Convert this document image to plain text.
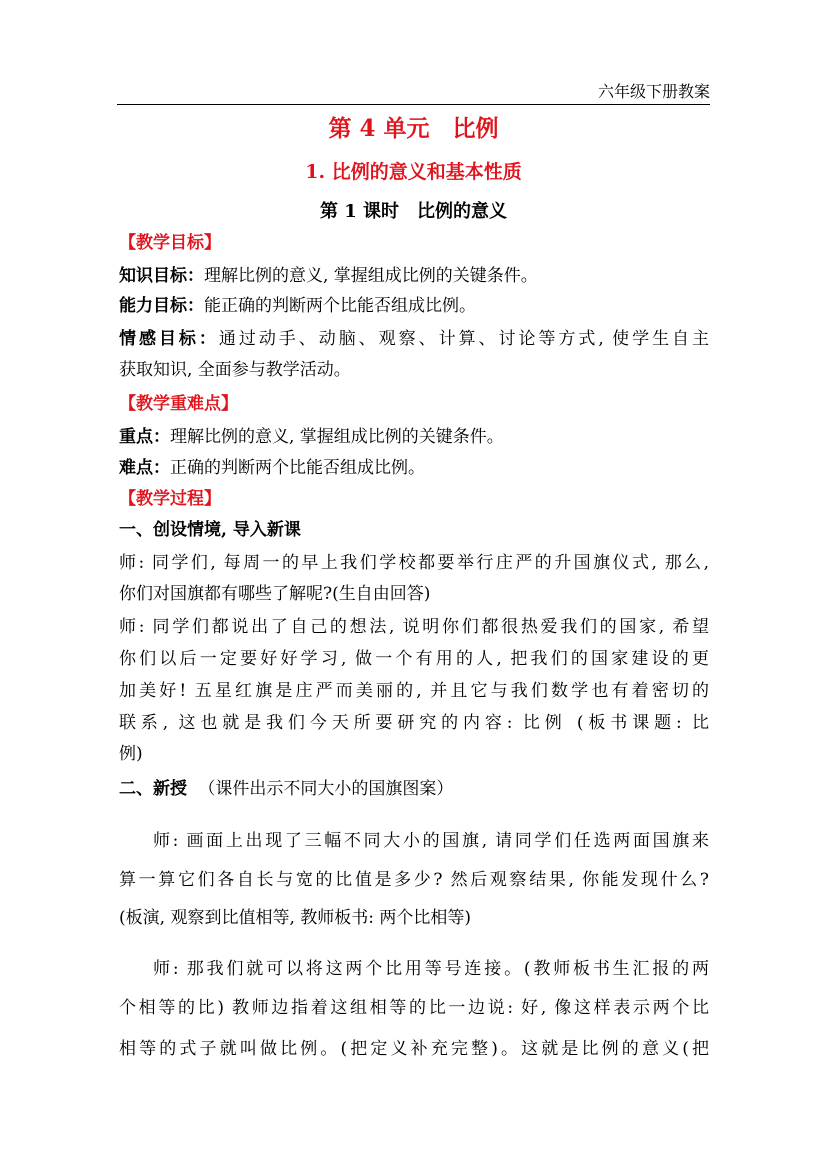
六年级下册教案
第 4 单元　比例
1. 比例的意义和基本性质
第 1 课时　比例的意义
【教学目标】
知识目标：理解比例的意义, 掌握组成比例的关键条件。
能力目标：能正确的判断两个比能否组成比例。
情感目标：通过动手、动脑、观察、计算、讨论等方式, 使学生自主
获取知识, 全面参与教学活动。
【教学重难点】
重点：理解比例的意义, 掌握组成比例的关键条件。
难点：正确的判断两个比能否组成比例。
【教学过程】
一、创设情境, 导入新课
师: 同学们, 每周一的早上我们学校都要举行庄严的升国旗仪式, 那么,
你们对国旗都有哪些了解呢?(生自由回答)
师: 同学们都说出了自己的想法, 说明你们都很热爱我们的国家, 希望
你们以后一定要好好学习, 做一个有用的人, 把我们的国家建设的更
加美好! 五星红旗是庄严而美丽的, 并且它与我们数学也有着密切的
联系, 这也就是我们今天所要研究的内容: 比例 (板书课题: 比
例)
二、新授 （课件出示不同大小的国旗图案）
师: 画面上出现了三幅不同大小的国旗, 请同学们任选两面国旗来
算一算它们各自长与宽的比值是多少? 然后观察结果, 你能发现什么?
(板演, 观察到比值相等, 教师板书: 两个比相等)
师: 那我们就可以将这两个比用等号连接。(教师板书生汇报的两
个相等的比) 教师边指着这组相等的比一边说: 好, 像这样表示两个比
相等的式子就叫做比例。(把定义补充完整)。这就是比例的意义(把
